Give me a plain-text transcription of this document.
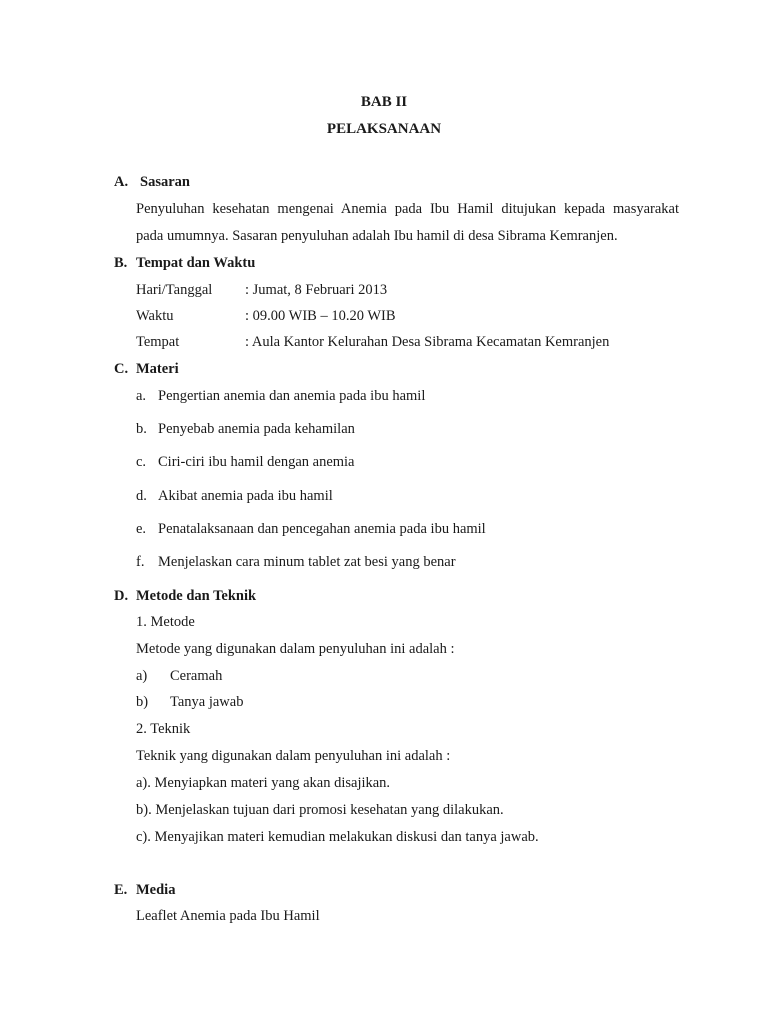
BAB II
PELAKSANAAN
A. Sasaran
Penyuluhan kesehatan mengenai Anemia pada Ibu Hamil ditujukan kepada masyarakat
pada umumnya. Sasaran penyuluhan adalah Ibu hamil di desa Sibrama Kemranjen.
B. Tempat dan Waktu
Hari/Tanggal : Jumat, 8 Februari 2013
Waktu	: 09.00 WIB – 10.20 WIB
Tempat	: Aula Kantor Kelurahan Desa Sibrama Kecamatan Kemranjen
C. Materi
a. Pengertian anemia dan anemia pada ibu hamil
b. Penyebab anemia pada kehamilan
c. Ciri-ciri ibu hamil dengan anemia
d. Akibat anemia pada ibu hamil
e. Penatalaksanaan dan pencegahan anemia pada ibu hamil
f. Menjelaskan cara minum tablet zat besi yang benar
D. Metode dan Teknik
1. Metode
Metode yang digunakan dalam penyuluhan ini adalah :
a) Ceramah
b) Tanya jawab
2. Teknik
Teknik yang digunakan dalam penyuluhan ini adalah :
a). Menyiapkan materi yang akan disajikan.
b). Menjelaskan tujuan dari promosi kesehatan yang dilakukan.
c). Menyajikan materi kemudian melakukan diskusi dan tanya jawab.
E. Media
Leaflet Anemia pada Ibu Hamil
